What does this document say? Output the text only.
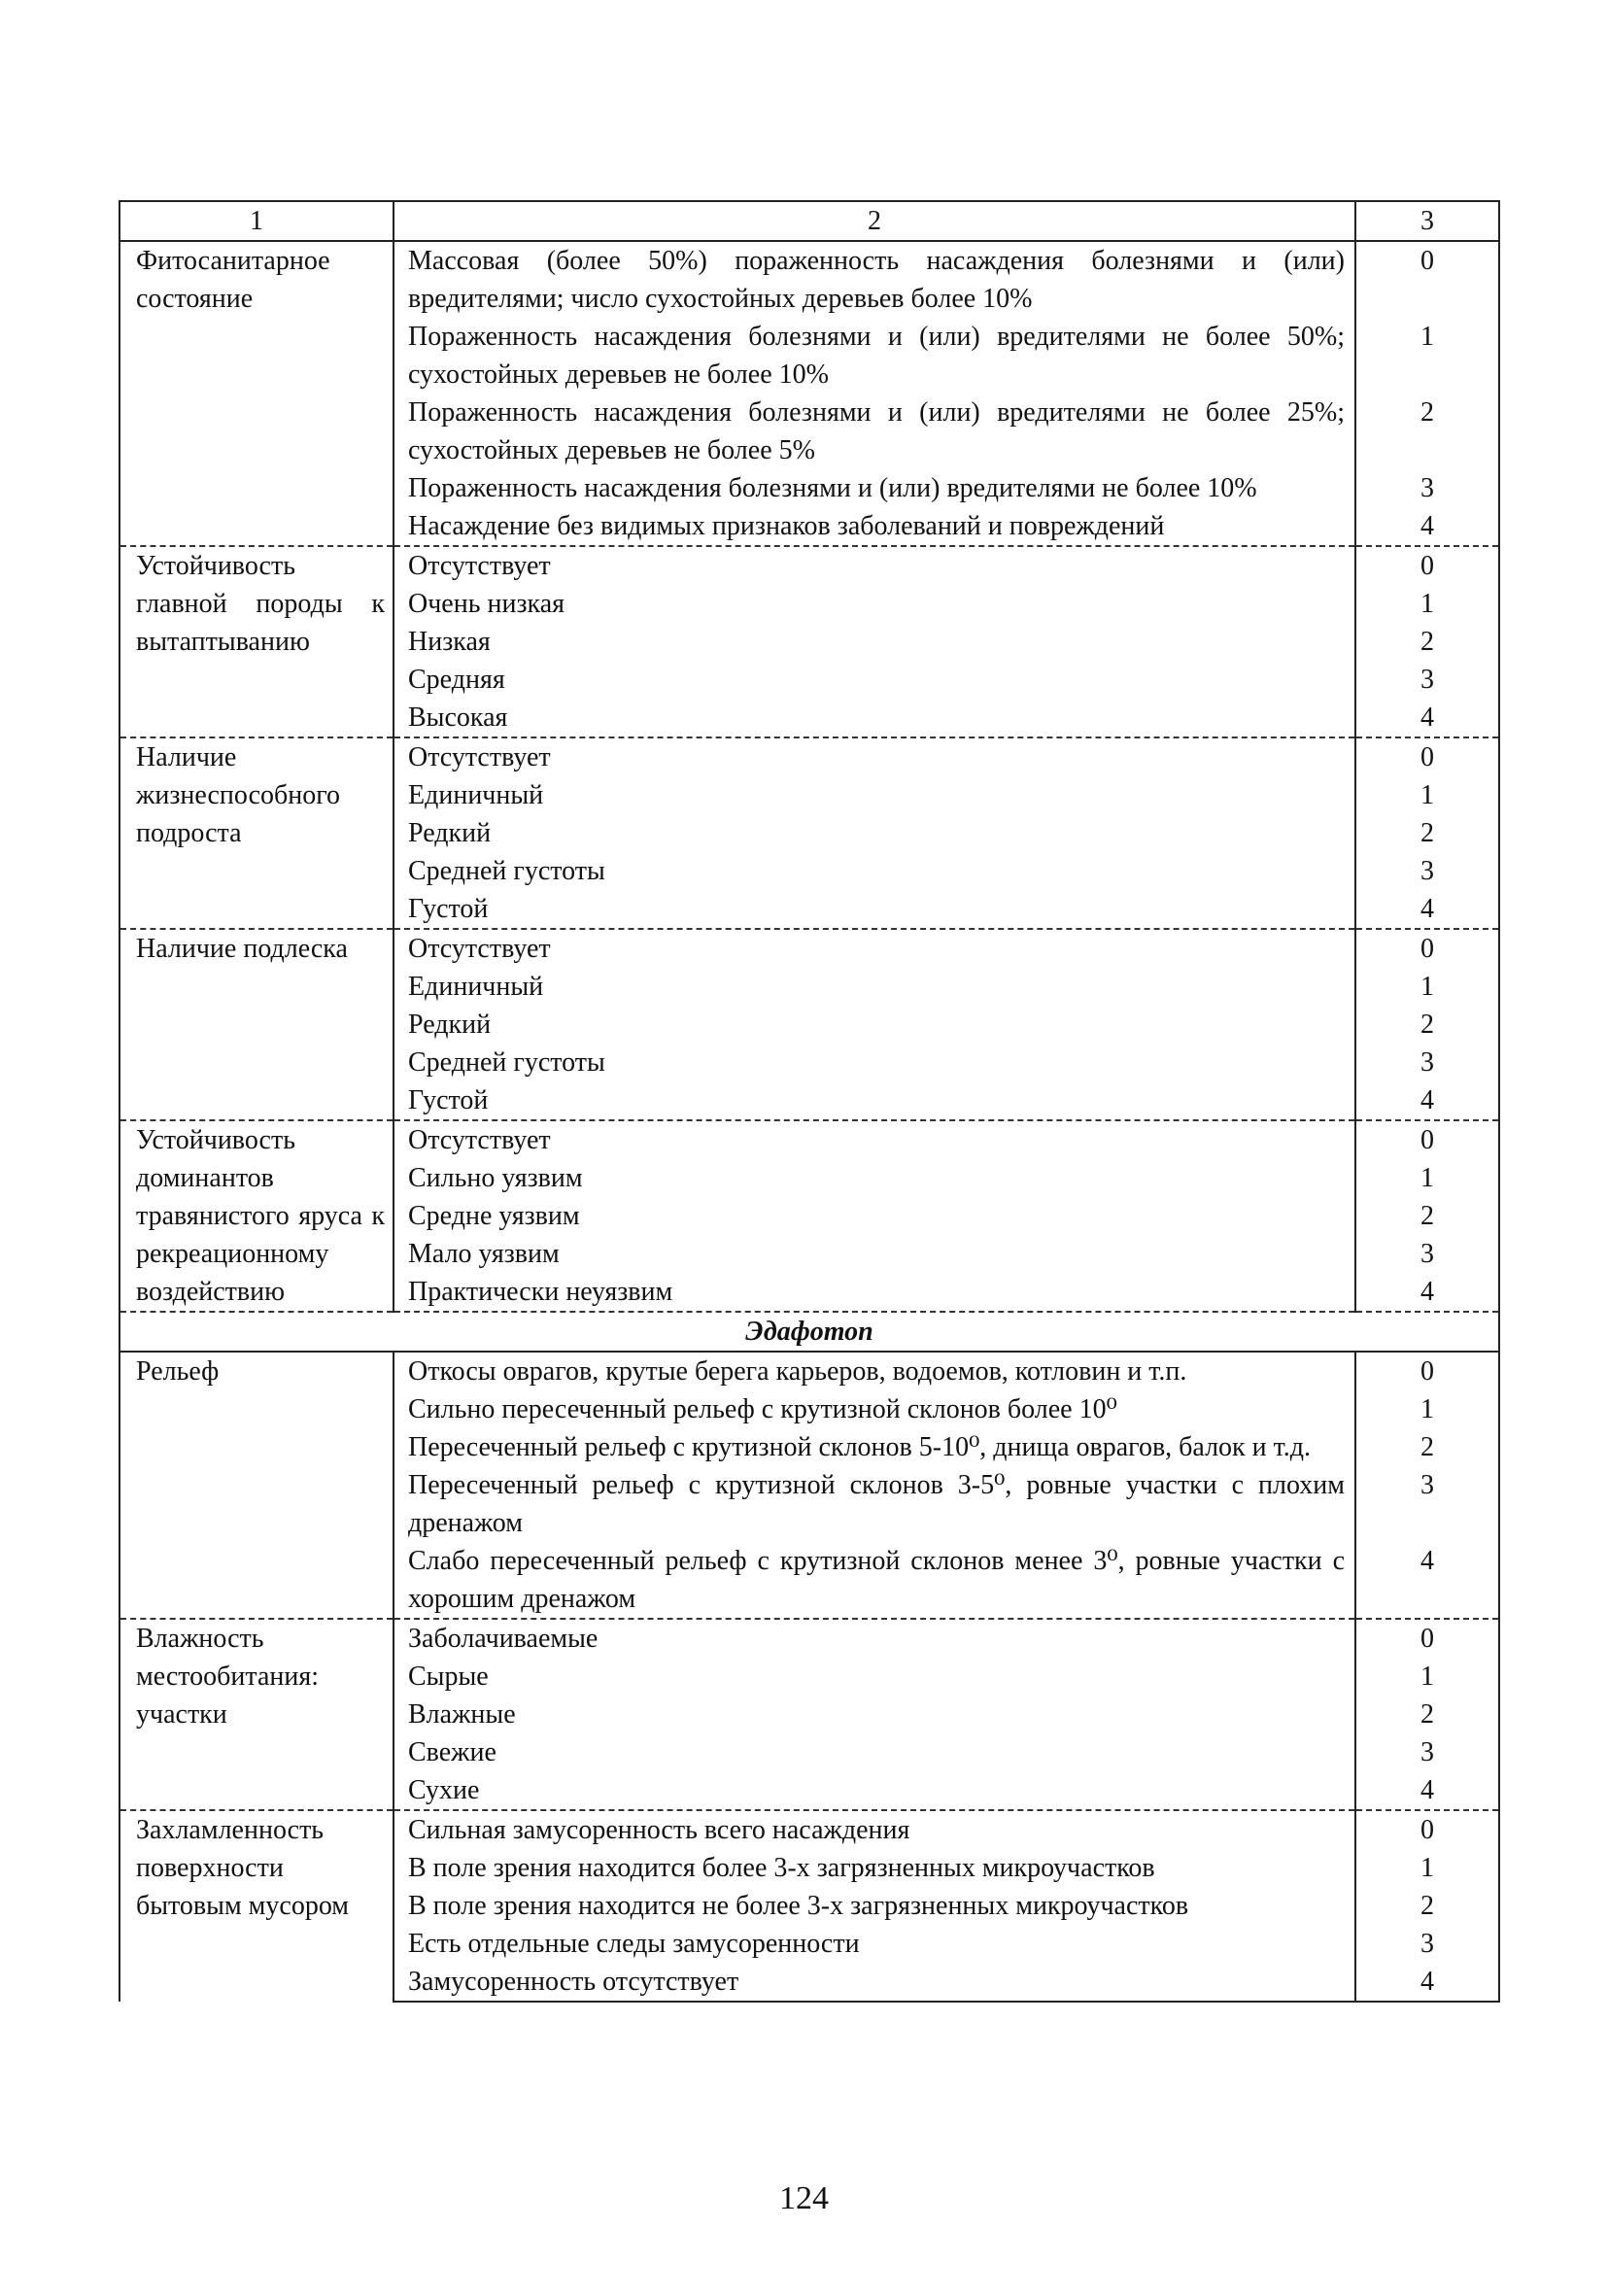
1	2	3
Фитосанитарное состояние	Массовая (более 50%) пораженность насаждения болезнями и (или) вредителями; число сухостойных деревьев более 10%	0
	Пораженность насаждения болезнями и (или) вредителями не более 50%; сухостойных деревьев не более 10%	1
	Пораженность насаждения болезнями и (или) вредителями не более 25%; сухостойных деревьев не более 5%	2
	Пораженность насаждения болезнями и (или) вредителями не более 10%	3
	Насаждение без видимых признаков заболеваний и повреждений	4
Устойчивость главной породы к вытаптыванию	Отсутствует	0
	Очень низкая	1
	Низкая	2
	Средняя	3
	Высокая	4
Наличие жизнеспособного подроста	Отсутствует	0
	Единичный	1
	Редкий	2
	Средней густоты	3
	Густой	4
Наличие подлеска	Отсутствует	0
	Единичный	1
	Редкий	2
	Средней густоты	3
	Густой	4
Устойчивость доминантов травянистого яруса к рекреационному воздействию	Отсутствует	0
	Сильно уязвим	1
	Средне уязвим	2
	Мало уязвим	3
	Практически неуязвим	4
Эдафотоп		
Рельеф	Откосы оврагов, крутые берега карьеров, водоемов, котловин и т.п.	0
	Сильно пересеченный рельеф с крутизной склонов более 10⁰	1
	Пересеченный рельеф с крутизной склонов 5-10⁰, днища оврагов, балок и т.д.	2
	Пересеченный рельеф с крутизной склонов 3-5⁰, ровные участки с плохим дренажом	3
	Слабо пересеченный рельеф с крутизной склонов менее 3⁰, ровные участки с хорошим дренажом	4
Влажность местообитания: участки	Заболачиваемые	0
	Сырые	1
	Влажные	2
	Свежие	3
	Сухие	4
Захламленность поверхности бытовым мусором	Сильная замусоренность всего насаждения	0
	В поле зрения находится более 3-х загрязненных микроучастков	1
	В поле зрения находится не более 3-х загрязненных микроучастков	2
	Есть отдельные следы замусоренности	3
	Замусоренность отсутствует	4
124
